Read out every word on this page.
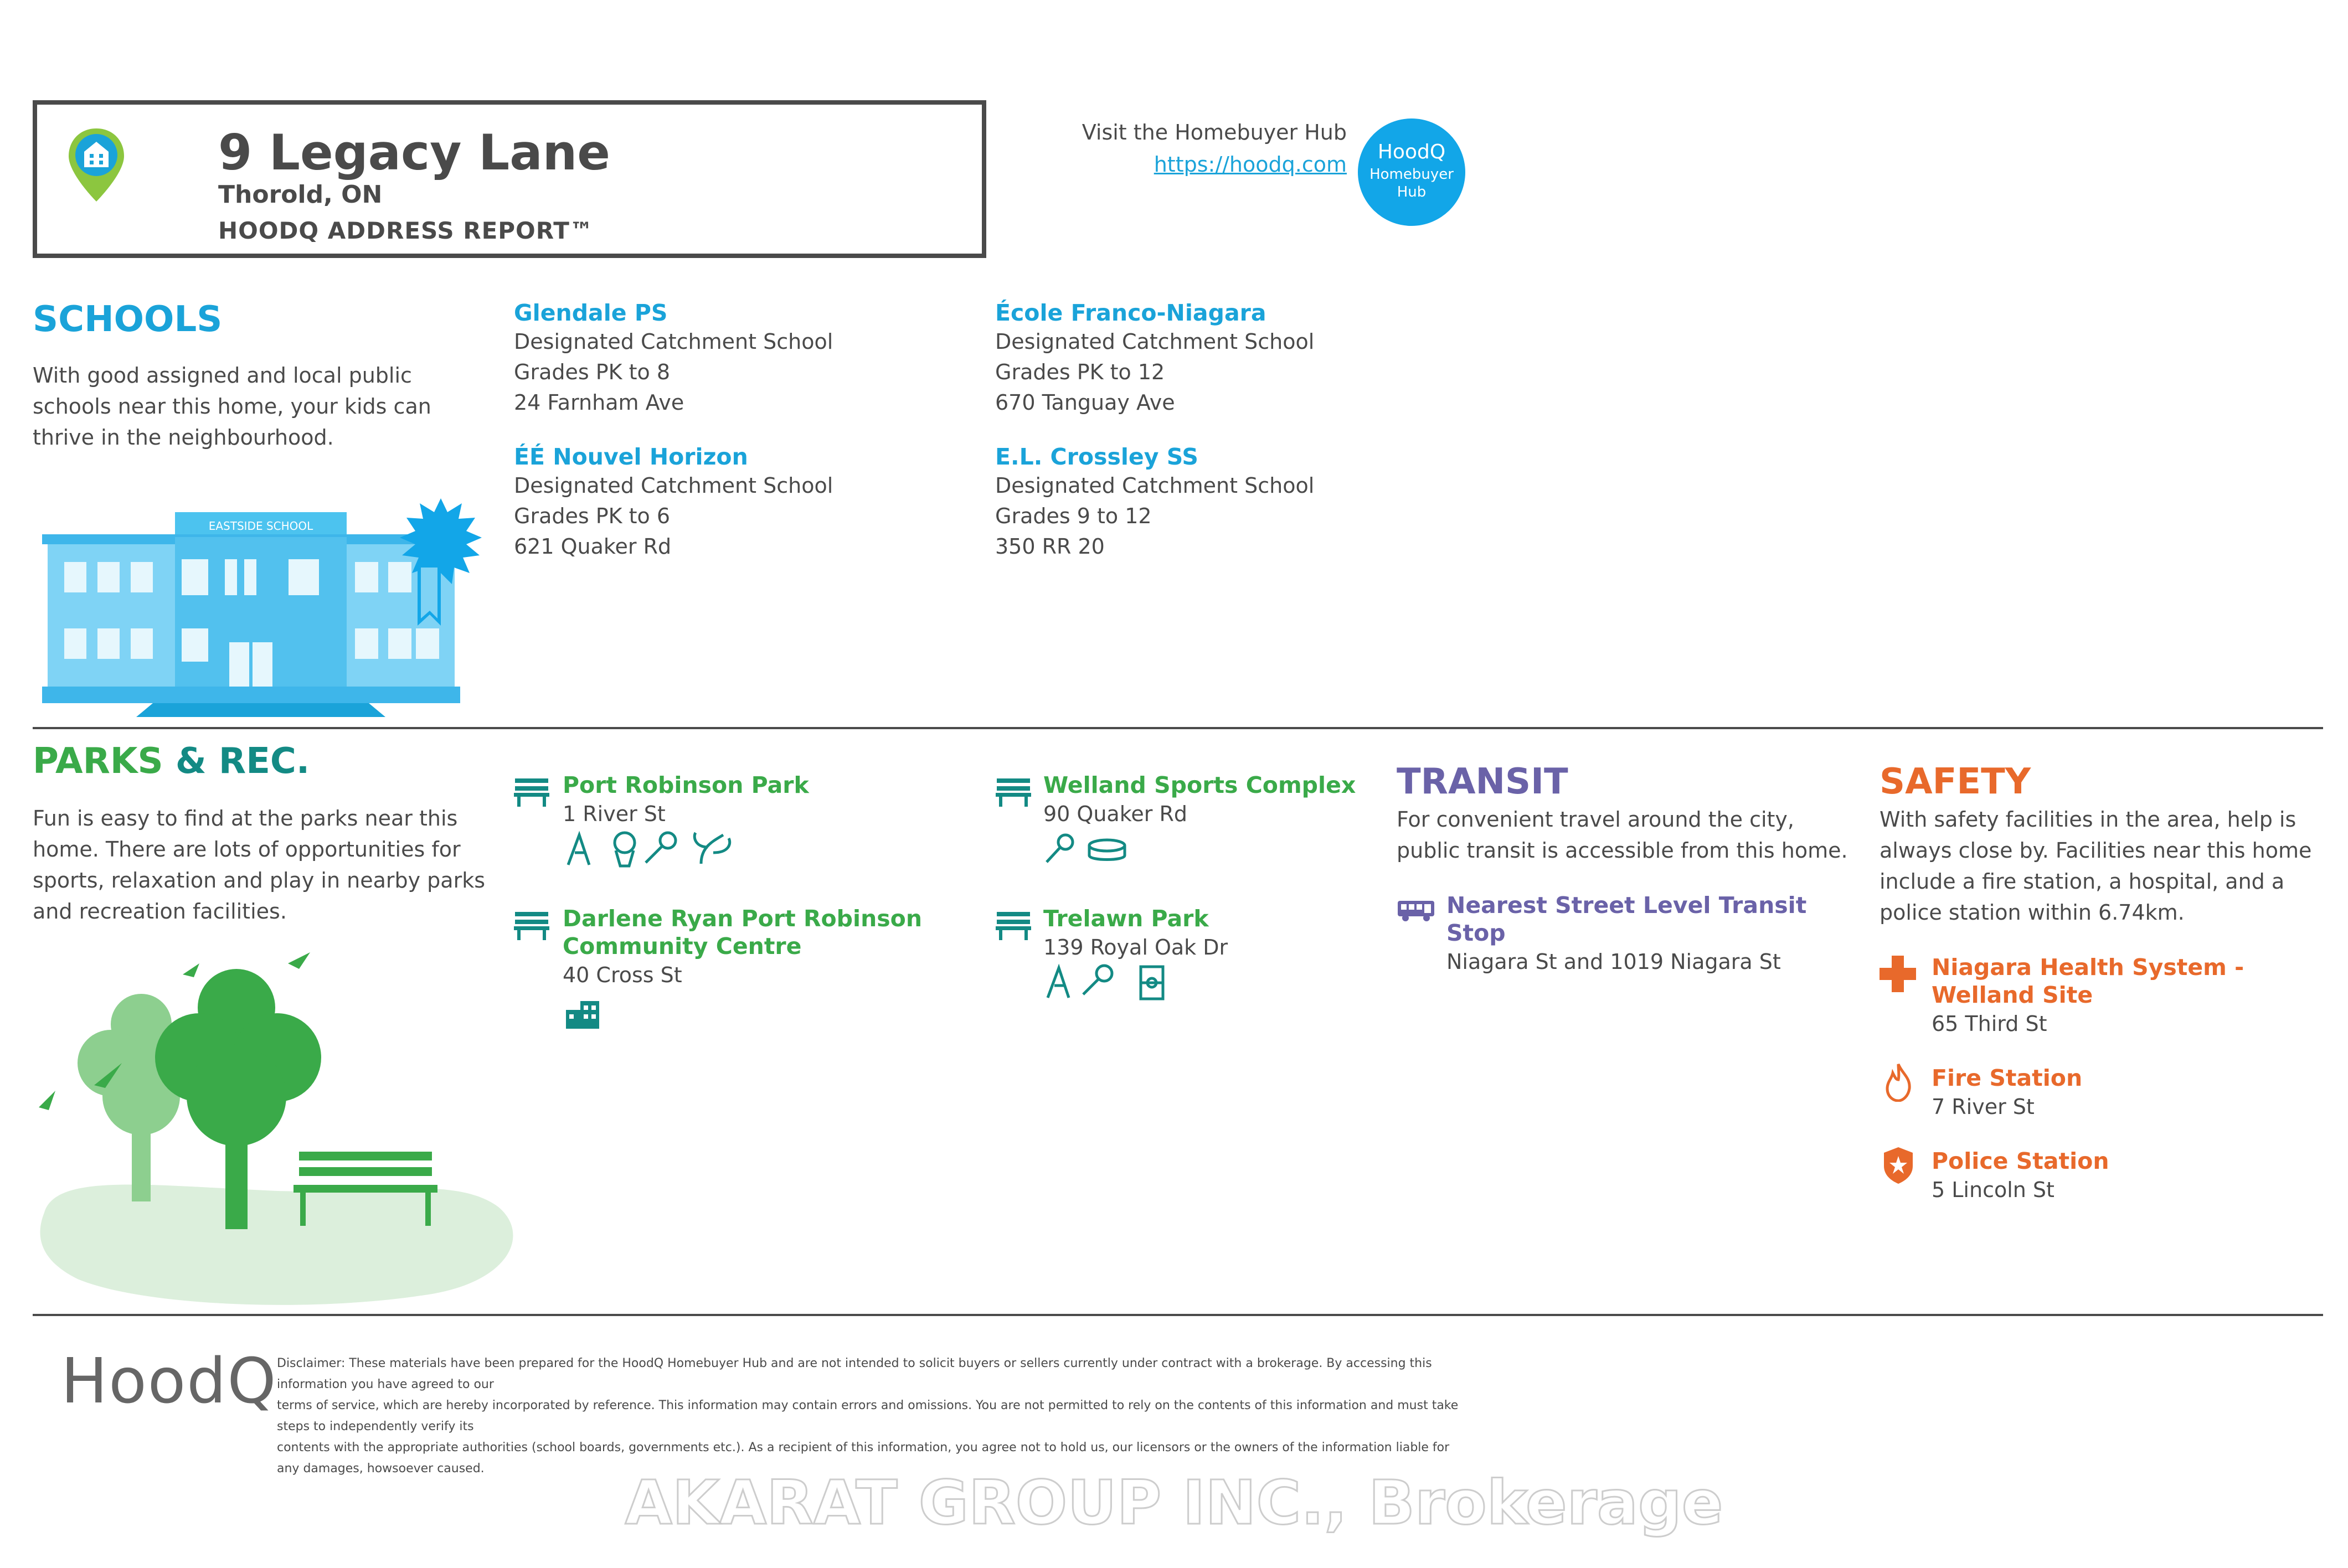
9 Legacy Lane
Thorold, ON
HOODQ ADDRESS REPORT™
Visit the Homebuyer Hub
https://hoodq.com
HoodQ
Homebuyer
Hub
SCHOOLS
With good assigned and local public schools near this home, your kids can thrive in the neighbourhood.
EASTSIDE SCHOOL
Glendale PS
Designated Catchment School
Grades PK to 8
24 Farnham Ave
École Franco-Niagara
Designated Catchment School
Grades PK to 12
670 Tanguay Ave
ÉÉ Nouvel Horizon
Designated Catchment School
Grades PK to 6
621 Quaker Rd
E.L. Crossley SS
Designated Catchment School
Grades 9 to 12
350 RR 20
PARKS & REC.
Fun is easy to find at the parks near this home. There are lots of opportunities for sports, relaxation and play in nearby parks and recreation facilities.
Port Robinson Park
1 River St
Welland Sports Complex
90 Quaker Rd
Darlene Ryan Port Robinson
Community Centre
40 Cross St
Trelawn Park
139 Royal Oak Dr
TRANSIT
For convenient travel around the city, public transit is accessible from this home.
Nearest Street Level Transit
Stop
Niagara St and 1019 Niagara St
SAFETY
With safety facilities in the area, help is always close by. Facilities near this home include a fire station, a hospital, and a police station within 6.74km.
Niagara Health System -
Welland Site
65 Third St
Fire Station
7 River St
Police Station
5 Lincoln St
HoodQ Disclaimer: These materials have been prepared for the HoodQ Homebuyer Hub and are not intended to solicit buyers or sellers currently under contract with a brokerage. By accessing this information you have agreed to our
terms of service, which are hereby incorporated by reference. This information may contain errors and omissions. You are not permitted to rely on the contents of this information and must take steps to independently verify its
contents with the appropriate authorities (school boards, governments etc.). As a recipient of this information, you agree not to hold us, our licensors or the owners of the information liable for any damages, howsoever caused.	AKARAT GROUP INC., Brokerage
